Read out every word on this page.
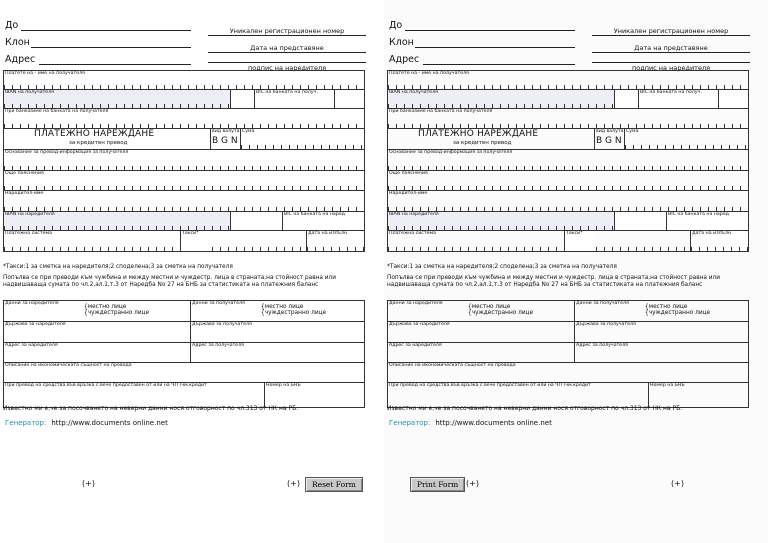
До
Клон
Адрес
Уникален регистрационен номер
Дата на представяне
подпис на наредителя
Платете на - име на получателя
IBAN на получателя	BIC на банката на получ.
При банка/име на банката на получателя
ПЛАТЕЖНО НАРЕЖДАНЕ
за кредитен превод
вид валута
B G N
Сума
Основание за превод-информация за получателя
Още пояснения
Наредител-име
IBAN на наредителя	BIC на банката на нарeд.
Платежна система	Такси*	Дата на изпълн.
*Такси:1 за сметка на наредителя;2 споделена;3 за сметка на получателя
Попълва се при преводи към чужбина и между местни и чуждестр. лица в страната,на стойност равна или надвишаваща сумата по чл.2,ал.1,т.3 от Наредба No 27 на БНБ за статистиката на платежния баланс
Данни за наредителя
{местно лице
{чуждестранно лице
Данни за получателя
{местно лице
{чуждестранно лице
Държава за наредителя	Държава за получателя
Адрес за наредителя	Адрес за получателя
Описание на икономическата същност на превода
При превод на средства във връзка с вече предоставен от или на ЧЛ (чм.кредит	Номер на БНБ
Известно ми е,че за посочването на неверни данни нося отговорност по чл.313 от НК на РБ.
Генератор: http://www.documents online.net
(+)	(+)	Reset Form
До
Клон
Адрес
Уникален регистрационен номер
Дата на представяне
подпис на наредителя
Платете на - име на получателя
IBAN на получателя	BIC на банката на получ.
При банка/име на банката на получателя
ПЛАТЕЖНО НАРЕЖДАНЕ
за кредитен превод
вид валута
B G N
Сума
Основание за превод-информация за получателя
Още пояснения
Наредител-име
IBAN на наредителя	BIC на банката на нарeд.
Платежна система	Такси*	Дата на изпълн.
*Такси:1 за сметка на наредителя;2 споделена;3 за сметка на получателя
Попълва се при преводи към чужбина и между местни и чуждестр. лица в страната,на стойност равна или надвишаваща сумата по чл.2,ал.1,т.3 от Наредба No 27 на БНБ за статистиката на платежния баланс
Данни за наредителя
{местно лице
{чуждестранно лице
Данни за получателя
{местно лице
{чуждестранно лице
Държава за наредителя	Държава за получателя
Адрес за наредителя	Адрес за получателя
Описание на икономическата същност на превода
При превод на средства във връзка с вече предоставен от или на ЧЛ (чм.кредит	Номер на БНБ
Известно ми е,че за посочването на неверни данни нося отговорност по чл.313 от НК на РБ.
Генератор: http://www.documents online.net
Print Form (+)	(+)
